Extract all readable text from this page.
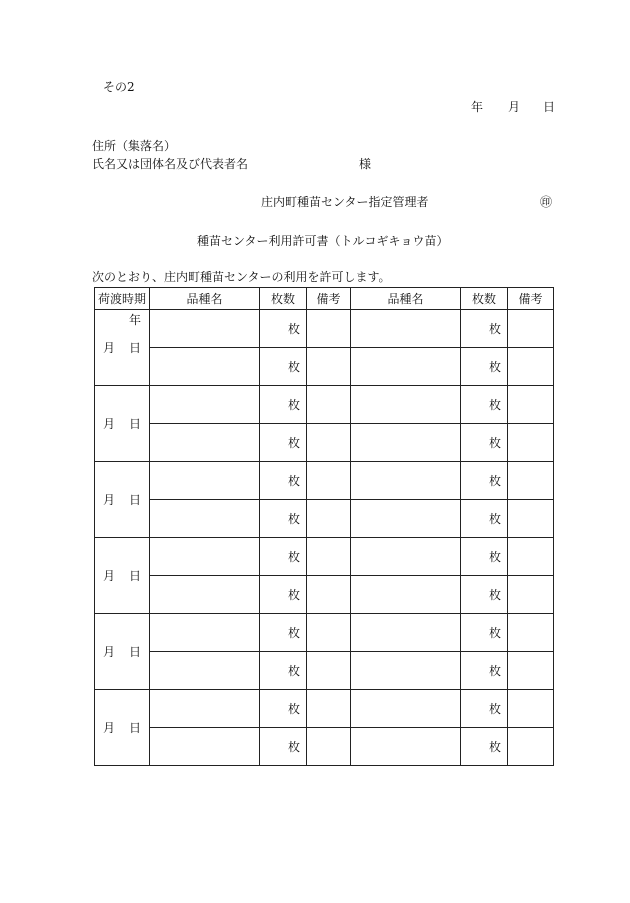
その2
年 月 日
住所（集落名）
氏名又は団体名及び代表者名	様
庄内町種苗センター指定管理者	㊞
種苗センター利用許可書（トルコギキョウ苗）
次のとおり、庄内町種苗センターの利用を許可します。
荷渡時期	品種名	枚数	備考	品種名	枚数	備考

年
月 日		枚			枚	
		枚			枚	
月 日		枚			枚	
		枚			枚	
月 日		枚			枚	
		枚			枚	
月 日		枚			枚	
		枚			枚	
月 日		枚			枚	
		枚			枚	
月 日		枚			枚	
		枚			枚	
